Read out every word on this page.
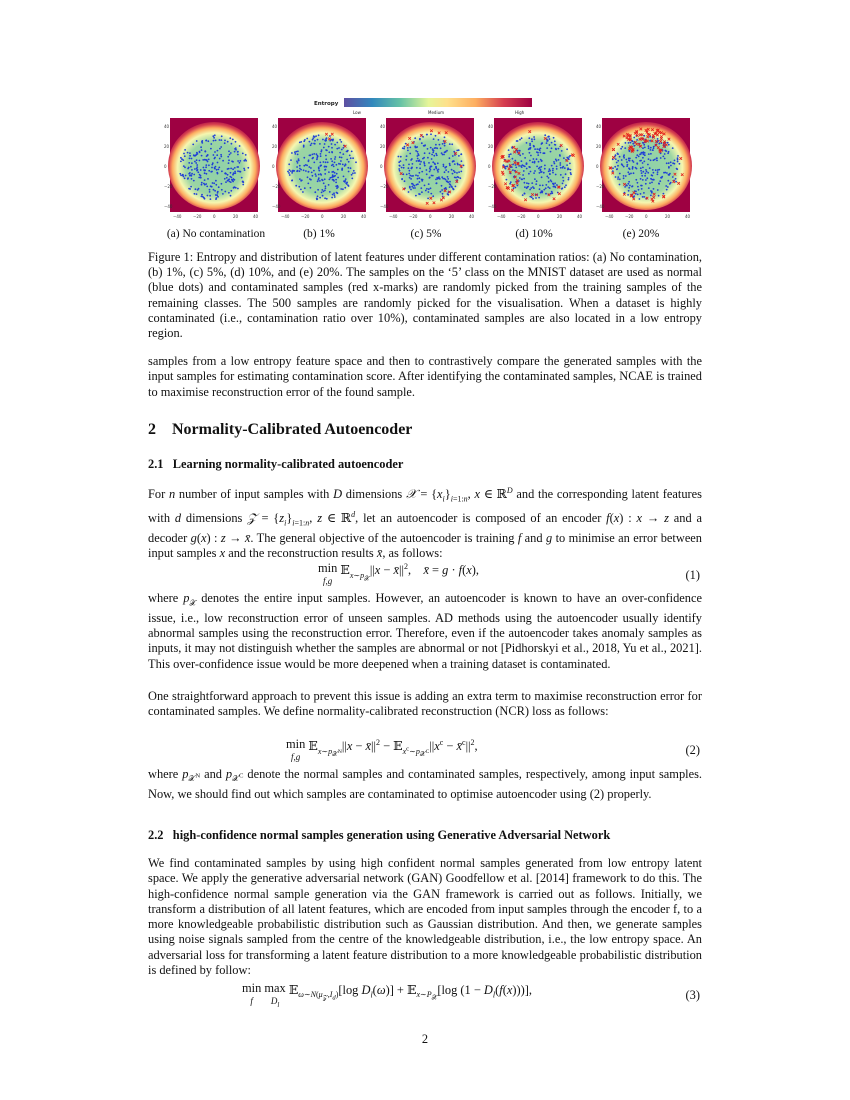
Entropy
Low	Medium	High
−40
−40
−20
−20
0
0
20
20
40
40
−40
−40
−20
−20
0
0
20
20
40
40
−40
−40
−20
−20
0
0
20
20
40
40
−40
−40
−20
−20
0
0
20
20
40
40
−40
−40
−20
−20
0
0
20
20
40
40
(a) No contamination	(b) 1%	(c) 5%	(d) 10%	(e) 20%
Figure 1: Entropy and distribution of latent features under different contamination ratios: (a) No contamination, (b) 1%, (c) 5%, (d) 10%, and (e) 20%. The samples on the ‘5’ class on the MNIST dataset are used as normal (blue dots) and contaminated samples (red x-marks) are randomly picked from the training samples of the remaining classes. The 500 samples are randomly picked for the visualisation. When a dataset is highly contaminated (i.e., contamination ratio over 10%), contaminated samples are also located in a low entropy region.
samples from a low entropy feature space and then to contrastively compare the generated samples with the input samples for estimating contamination score. After identifying the contaminated samples, NCAE is trained to maximise reconstruction error of the found sample.
2 Normality-Calibrated Autoencoder
2.1 Learning normality-calibrated autoencoder
For n number of input samples with D dimensions 𝒳 = $\{x_i\}_{i=1:n}$, x ∈ ℝ$^D$ and the corresponding latent features with d dimensions 𝒵 = $\{z_i\}_{i=1:n}$, z ∈ ℝ$^d$, let an autoencoder is composed of an encoder f(x) : x → z and a decoder g(x) : z → x̄. The general objective of the autoencoder is training f and g to minimise an error between input samples x and the reconstruction results x̄, as follows:
min
f,g 𝔼$_{x\sim p_𝒳}$||x − $x̄||^2$,    x̄ = g · f(x),	(1)
where $p_𝒳$ denotes the entire input samples. However, an autoencoder is known to have an over-confidence issue, i.e., low reconstruction error of unseen samples. AD methods using the autoencoder usually identify abnormal samples using the reconstruction error. Therefore, even if the autoencoder takes anomaly samples as inputs, it may not distinguish whether the samples are abnormal or not [Pidhorskyi et al., 2018, Yu et al., 2021]. This over-confidence issue would be more deepened when a training dataset is contaminated.
One straightforward approach to prevent this issue is adding an extra term to maximise reconstruction error for contaminated samples. We define normality-calibrated reconstruction (NCR) loss as follows:
min
f,g 𝔼$_{x\sim p_{𝒳^N}}$||x − $x̄||^2$ − $𝔼_{x^c\sim p_{𝒳^C}}||x^c$ − $x̄^c||^2$,	(2)
where $p_{𝒳^N}$ and $p_{𝒳^C}$ denote the normal samples and contaminated samples, respectively, among input samples. Now, we should find out which samples are contaminated to optimise autoencoder using (2) properly.
2.2 high-confidence normal samples generation using Generative Adversarial Network
We find contaminated samples by using high confident normal samples generated from low entropy latent space. We apply the generative adversarial network (GAN) Goodfellow et al. [2014] framework to do this. The high-confidence normal sample generation via the GAN framework is carried out as follows. Initially, we transform a distribution of all latent features, which are encoded from input samples through the encoder f, to a more knowledgeable probabilistic distribution such as Gaussian distribution. And then, we generate samples using noise signals sampled from the centre of the knowledgeable distribution, i.e., the low entropy space. An adversarial loss for transforming a latent feature distribution to a more knowledgeable probabilistic distribution is defined by follow:
min
f max
$D_l$ 𝔼$_{\omega\sim N(\mu_𝒵,I_d)}$[log $D_l(\omega)$] + 𝔼$_{x\sim P_𝒳}$[log $(1 - D_l(f(x)))$],	(3)
2
